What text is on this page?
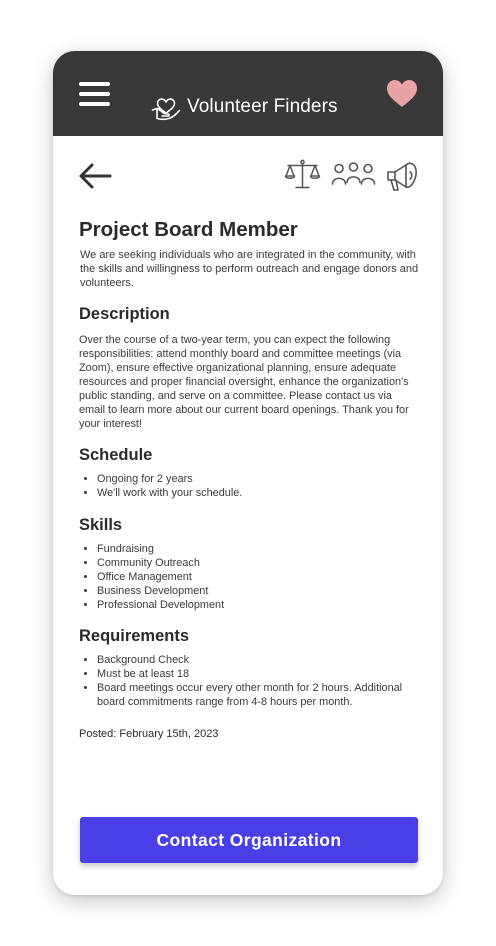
Volunteer Finders
Project Board Member

We are seeking individuals who are integrated in the community, with the skills and willingness to perform outreach and engage donors and volunteers.

Description

Over the course of a two-year term, you can expect the following responsibilities: attend monthly board and committee meetings (via Zoom), ensure effective organizational planning, ensure adequate resources and proper financial oversight, enhance the organization's public standing, and serve on a committee. Please contact us via email to learn more about our current board openings. Thank you for your interest!

Schedule
• Ongoing for 2 years
• We'll work with your schedule.
Skills
• Fundraising
• Community Outreach
• Office Management
• Business Development
• Professional Development
Requirements
• Background Check
• Must be at least 18
• Board meetings occur every other month for 2 hours. Additional board commitments range from 4-8 hours per month.
Posted: February 15th, 2023
Contact Organization
